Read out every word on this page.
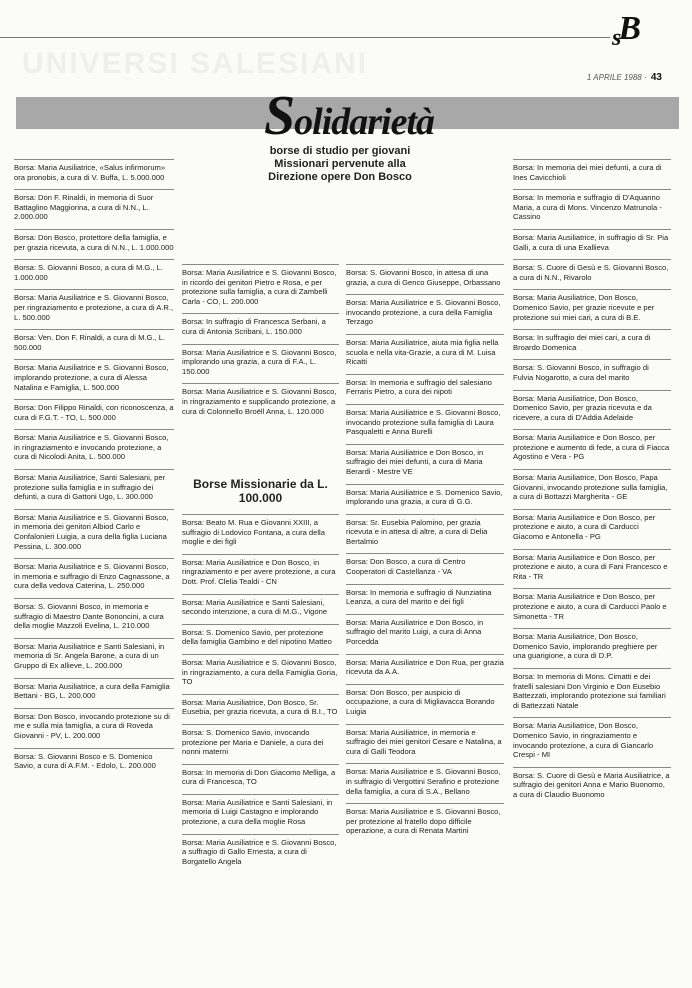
sB
UNIVERSI SALESIANI	1 APRILE 1988 · 43
Solidarietà
borse di studio per giovani Missionari pervenute alla Direzione opere Don Bosco
Borsa: Maria Ausiliatrice, «Salus infirmorum» ora pronobis, a cura di V. Buffa, L. 5.000.000
Borsa: Don F. Rinaldi, in memoria di Suor Battaglino Maggiorina, a cura di N.N., L. 2.000.000
Borsa: Don Bosco, protettore della famiglia, e per grazia ricevuta, a cura di N.N., L. 1.000.000
Borsa: S. Giovanni Bosco, a cura di M.G., L. 1.000.000
Borsa: Maria Ausiliatrice e S. Giovanni Bosco, per ringraziamento e protezione, a cura di A.R., L. 500.000
Borsa: Ven. Don F. Rinaldi, a cura di M.G., L. 500.000
Borsa: Maria Ausiliatrice e S. Giovanni Bosco, implorando protezione, a cura di Alessa Natalina e Famiglia, L. 500.000
Borsa: Don Filippo Rinaldi, con riconoscenza, a cura di F.G.T. - TO, L. 500.000
Borsa: Maria Ausiliatrice e S. Giovanni Bosco, in ringraziamento e invocando protezione, a cura di Nicolodi Anita, L. 500.000
Borsa: Maria Ausiliatrice, Santi Salesiani, per protezione sulla famiglia e in suffragio dei defunti, a cura di Gattoni Ugo, L. 300.000
Borsa: Maria Ausiliatrice e S. Giovanni Bosco, in memoria dei genitori Albiod Carlo e Confalonieri Luigia, a cura della figlia Luciana Pessina, L. 300.000
Borsa: Maria Ausiliatrice e S. Giovanni Bosco, in memoria e suffragio di Enzo Cagnassone, a cura della vedova Caterina, L. 250.000
Borsa: S. Giovanni Bosco, in memoria e suffragio di Maestro Dante Bononcini, a cura della moglie Mazzoli Evelina, L. 210.000
Borsa: Maria Ausiliatrice e Santi Salesiani, in memoria di Sr. Angela Barone, a cura di un Gruppo di Ex allieve, L. 200.000
Borsa: Maria Ausiliatrice, a cura della Famiglia Bettani - BG, L. 200.000
Borsa: Don Bosco, invocando protezione su di me e sulla mia famiglia, a cura di Roveda Giovanni - PV, L. 200.000
Borsa: S. Giovanni Bosco e S. Domenico Savio, a cura di A.F.M. - Edolo, L. 200.000
Borsa: Maria Ausiliatrice e S. Giovanni Bosco, in ricordo dei genitori Pietro e Rosa, e per protezione sulla famiglia, a cura di Zambelli Carla - CO, L. 200.000
Borsa: In suffragio di Francesca Serbani, a cura di Antonia Scribani, L. 150.000
Borsa: Maria Ausiliatrice e S. Giovanni Bosco, implorando una grazia, a cura di F.A., L. 150.000
Borsa: Maria Ausiliatrice e S. Giovanni Bosco, in ringraziamento e supplicando protezione, a cura di Colonnello Broëll Anna, L. 120.000
Borse Missionarie da L. 100.000
Borsa: Beato M. Rua e Giovanni XXIII, a suffragio di Lodovico Fontana, a cura della moglie e dei figli
Borsa: Maria Ausiliatrice e Don Bosco, in ringraziamento e per avere protezione, a cura Dott. Prof. Clelia Tealdi - CN
Borsa: Maria Ausiliatrice e Santi Salesiani, secondo intenzione, a cura di M.G., Vigone
Borsa: S. Domenico Savio, per protezione della famiglia Gambino e del nipotino Matteo
Borsa: Maria Ausiliatrice e S. Giovanni Bosco, in ringraziamento, a cura della Famiglia Goria, TO
Borsa: Maria Ausiliatrice, Don Bosco, Sr. Eusebia, per grazia ricevuta, a cura di B.I., TO
Borsa: S. Domenico Savio, invocando protezione per Maria e Daniele, a cura dei nonni materni
Borsa: In memoria di Don Giacomo Melliga, a cura di Francesca, TO
Borsa: Maria Ausiliatrice e Santi Salesiani, in memoria di Luigi Castagno e implorando protezione, a cura della moglie Rosa
Borsa: Maria Ausiliatrice e S. Giovanni Bosco, a suffragio di Gallo Ernesta, a cura di Borgatello Angela
Borsa: S. Giovanni Bosco, in attesa di una grazia, a cura di Genco Giuseppe, Orbassano
Borsa: Maria Ausiliatrice e S. Giovanni Bosco, invocando protezione, a cura della Famiglia Terzago
Borsa: Maria Ausiliatrice, aiuta mia figlia nella scuola e nella vita-Grazie, a cura di M. Luisa Ricatti
Borsa: In memoria e suffragio del salesiano Ferraris Pietro, a cura dei nipoti
Borsa: Maria Ausiliatrice e S. Giovanni Bosco, invocando protezione sulla famiglia di Laura Pasqualetti e Anna Burelli
Borsa: Maria Ausiliatrice e Don Bosco, in suffragio dei miei defunti, a cura di Maria Berardi - Mestre VE
Borsa: Maria Ausiliatrice e S. Domenico Savio, implorando una grazia, a cura di G.G.
Borsa: Sr. Eusebia Palomino, per grazia ricevuta e in attesa di altre, a cura di Delia Bertalmio
Borsa: Don Bosco, a cura di Centro Cooperatori di Castellanza - VA
Borsa: In memoria e suffragio di Nunziatina Leanza, a cura del marito e dei figli
Borsa: Maria Ausiliatrice e Don Bosco, in suffragio del marito Luigi, a cura di Anna Porcedda
Borsa: Maria Ausiliatrice e Don Rua, per grazia ricevuta da A.A.
Borsa: Don Bosco, per auspicio di occupazione, a cura di Migliavacca Borando Luigia
Borsa: Maria Ausiliatrice, in memoria e suffragio dei miei genitori Cesare e Natalina, a cura di Galli Teodora
Borsa: Maria Ausiliatrice e S. Giovanni Bosco, in suffragio di Vergottini Serafino e protezione della famiglia, a cura di S.A., Bellano
Borsa: Maria Ausiliatrice e S. Giovanni Bosco, per protezione al fratello dopo difficile operazione, a cura di Renata Martini
Borsa: In memoria dei miei defunti, a cura di Ines Cavicchioli
Borsa: In memoria e suffragio di D'Aquanno Maria, a cura di Mons. Vincenzo Matrunola - Cassino
Borsa: Maria Ausiliatrice, in suffragio di Sr. Pia Galli, a cura di una Exallieva
Borsa: S. Cuore di Gesù e S. Giovanni Bosco, a cura di N.N., Rivarolo
Borsa: Maria Ausiliatrice, Don Bosco, Domenico Savio, per grazie ricevute e per protezione sui miei cari, a cura di B.E.
Borsa: In suffragio dei miei cari, a cura di Broardo Domenica
Borsa: S. Giovanni Bosco, in suffragio di Fulvia Nogarotto, a cura del marito
Borsa: Maria Ausiliatrice, Don Bosco, Domenico Savio, per grazia ricevuta e da ricevere, a cura di D'Addia Adelaide
Borsa: Maria Ausiliatrice e Don Bosco, per protezione e aumento di fede, a cura di Fiacca Agostino e Vera - PG
Borsa: Maria Ausiliatrice, Don Bosco, Papa Giovanni, invocando protezione sulla famiglia, a cura di Bottazzi Margherita - GE
Borsa: Maria Ausiliatrice e Don Bosco, per protezione e aiuto, a cura di Carducci Giacomo e Antonella - PG
Borsa: Maria Ausiliatrice e Don Bosco, per protezione e aiuto, a cura di Fani Francesco e Rita - TR
Borsa: Maria Ausiliatrice e Don Bosco, per protezione e aiuto, a cura di Carducci Paolo e Simonetta - TR
Borsa: Maria Ausiliatrice, Don Bosco, Domenico Savio, implorando preghiere per una guarigione, a cura di D.P.
Borsa: In memoria di Mons. Cimatti e dei fratelli salesiani Don Virginio e Don Eusebio Battezzati, implorando protezione sui familiari di Battezzati Natale
Borsa: Maria Ausiliatrice, Don Bosco, Domenico Savio, in ringraziamento e invocando protezione, a cura di Giancarlo Crespi - MI
Borsa: S. Cuore di Gesù e Maria Ausiliatrice, a suffragio dei genitori Anna e Mario Buonomo, a cura di Claudio Buonomo
